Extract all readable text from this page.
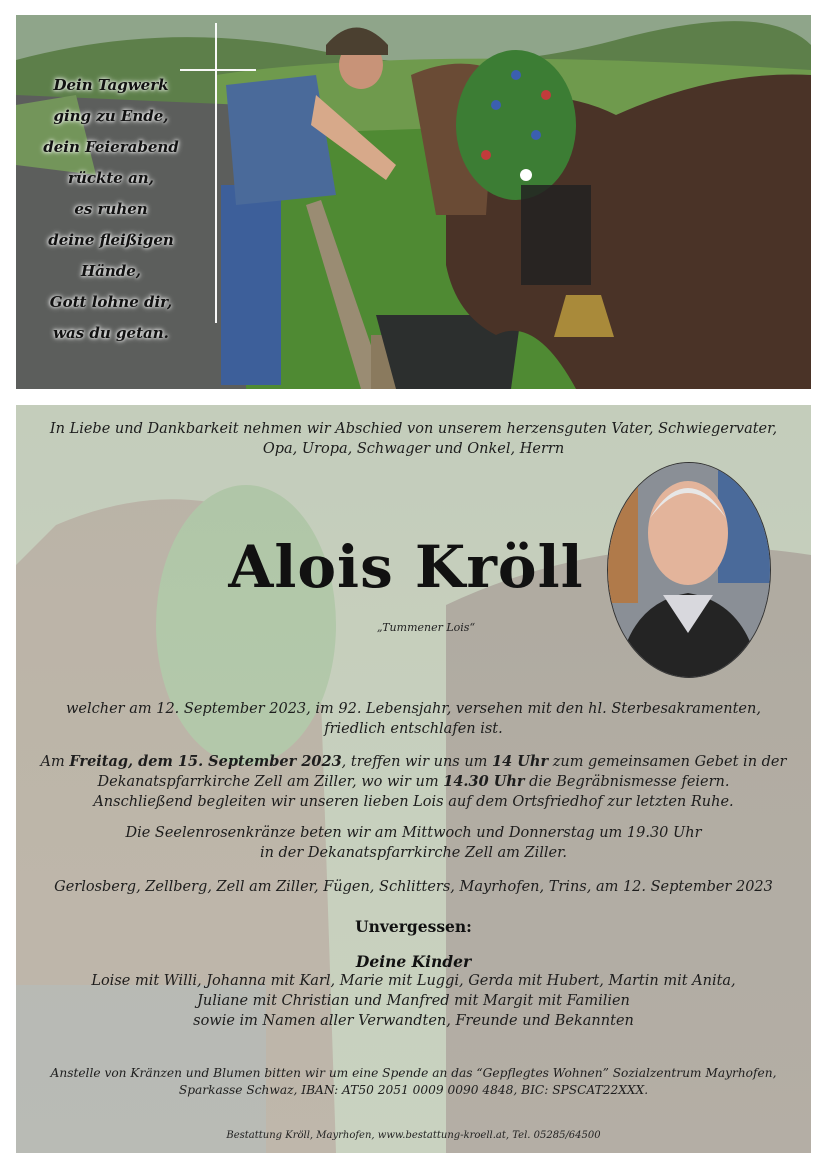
Dein Tagwerk
ging zu Ende,
dein Feierabend
rückte an,
es ruhen
deine fleißigen Hände,
Gott lohne dir,
was du getan.
In Liebe und Dankbarkeit nehmen wir Abschied von unserem herzensguten Vater, Schwiegervater,
Opa, Uropa, Schwager und Onkel, Herrn
Alois Kröll
„Tummener Lois“
welcher am 12. September 2023, im 92. Lebensjahr, versehen mit den hl. Sterbesakramenten,
friedlich entschlafen ist.
Am Freitag, dem 15. September 2023, treffen wir uns um 14 Uhr zum gemeinsamen Gebet in der
Dekanatspfarrkirche Zell am Ziller, wo wir um 14.30 Uhr die Begräbnismesse feiern.
Anschließend begleiten wir unseren lieben Lois auf dem Ortsfriedhof zur letzten Ruhe.
Die Seelenrosenkränze beten wir am Mittwoch und Donnerstag um 19.30 Uhr
in der Dekanatspfarrkirche Zell am Ziller.
Gerlosberg, Zellberg, Zell am Ziller, Fügen, Schlitters, Mayrhofen, Trins, am 12. September 2023
Unvergessen:
Deine Kinder
Loise mit Willi, Johanna mit Karl, Marie mit Luggi, Gerda mit Hubert, Martin mit Anita,
Juliane mit Christian und Manfred mit Margit mit Familien
sowie im Namen aller Verwandten, Freunde und Bekannten
Anstelle von Kränzen und Blumen bitten wir um eine Spende an das “Gepflegtes Wohnen” Sozialzentrum Mayrhofen,
Sparkasse Schwaz, IBAN: AT50 2051 0009 0090 4848, BIC: SPSCAT22XXX.
Bestattung Kröll, Mayrhofen, www.bestattung-kroell.at, Tel. 05285/64500
